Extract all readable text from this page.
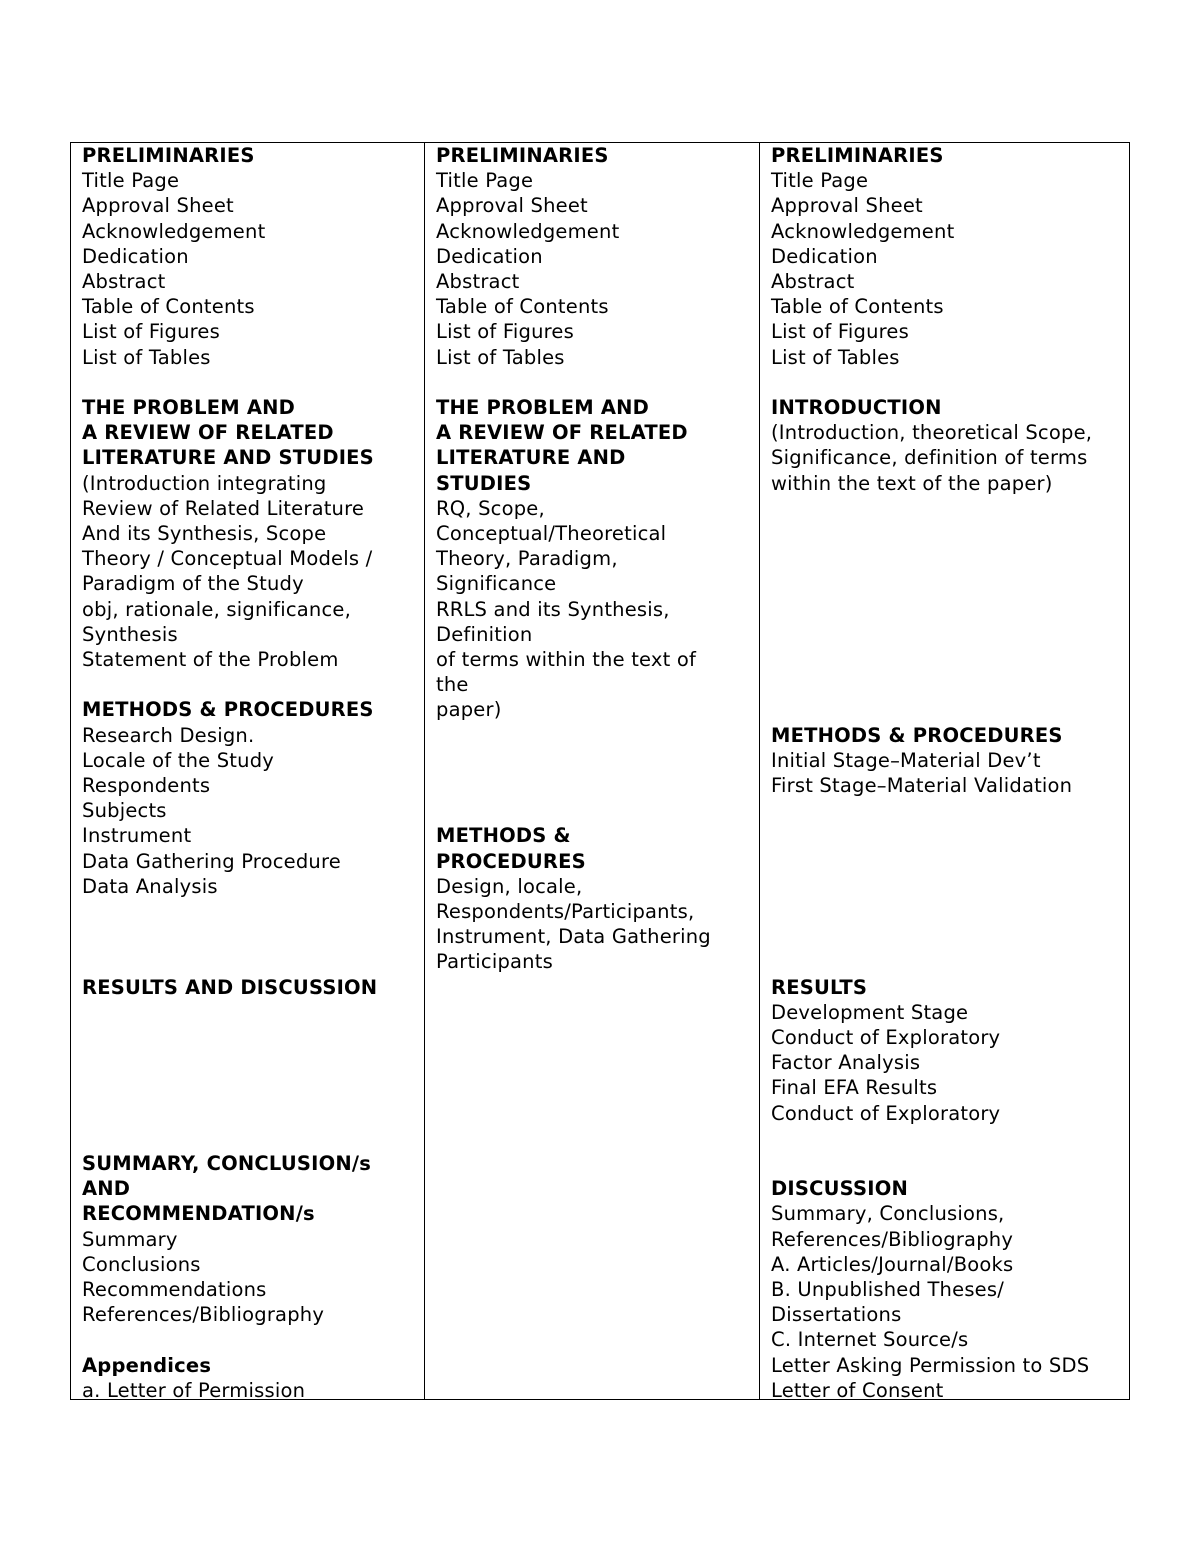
PRELIMINARIES
Title Page
Approval Sheet
Acknowledgement
Dedication
Abstract
Table of Contents
List of Figures
List of Tables
THE PROBLEM AND
A REVIEW OF RELATED
LITERATURE AND STUDIES
(Introduction integrating
Review of Related Literature
And its Synthesis, Scope
Theory / Conceptual Models /
Paradigm of the Study
obj, rationale, significance,
Synthesis
Statement of the Problem
METHODS & PROCEDURES
Research Design.
Locale of the Study
Respondents
Subjects
Instrument
Data Gathering Procedure
Data Analysis
RESULTS AND DISCUSSION
SUMMARY, CONCLUSION/s
AND
RECOMMENDATION/s
Summary
Conclusions
Recommendations
References/Bibliography
Appendices
a. Letter of Permission
PRELIMINARIES
Title Page
Approval Sheet
Acknowledgement
Dedication
Abstract
Table of Contents
List of Figures
List of Tables
THE PROBLEM AND
A REVIEW OF RELATED
LITERATURE AND
STUDIES
RQ, Scope,
Conceptual/Theoretical
Theory, Paradigm,
Significance
RRLS and its Synthesis,
Definition
of terms within the text of
the
paper)
METHODS &
PROCEDURES
Design, locale,
Respondents/Participants,
Instrument, Data Gathering
Participants
PRELIMINARIES
Title Page
Approval Sheet
Acknowledgement
Dedication
Abstract
Table of Contents
List of Figures
List of Tables
INTRODUCTION
(Introduction, theoretical Scope,
Significance, definition of terms
within the text of the paper)
METHODS & PROCEDURES
Initial Stage–Material Dev’t
First Stage–Material Validation
RESULTS
Development Stage
Conduct of Exploratory
Factor Analysis
Final EFA Results
Conduct of Exploratory
DISCUSSION
Summary, Conclusions,
References/Bibliography
A. Articles/Journal/Books
B. Unpublished Theses/
Dissertations
C. Internet Source/s
Letter Asking Permission to SDS
Letter of Consent
